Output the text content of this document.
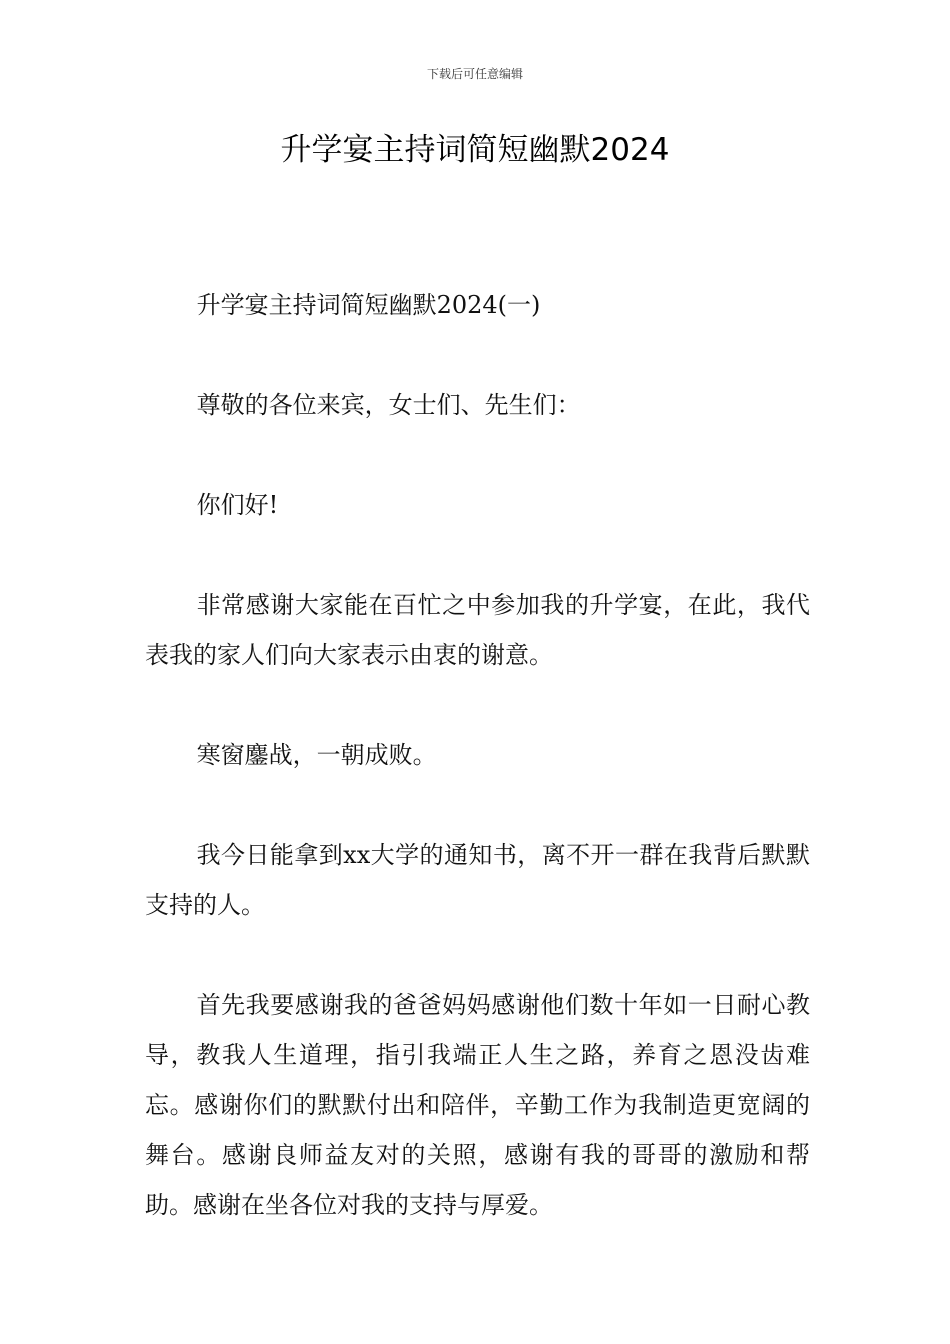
下载后可任意编辑
升学宴主持词简短幽默2024

升学宴主持词简短幽默2024(一)

尊敬的各位来宾，女士们、先生们：

你们好!

非常感谢大家能在百忙之中参加我的升学宴，在此，我代表我的家人们向大家表示由衷的谢意。

寒窗鏖战，一朝成败。

我今日能拿到xx大学的通知书，离不开一群在我背后默默支持的人。

首先我要感谢我的爸爸妈妈感谢他们数十年如一日耐心教导，教我人生道理，指引我端正人生之路，养育之恩没齿难忘。感谢你们的默默付出和陪伴，辛勤工作为我制造更宽阔的舞台。感谢良师益友对的关照，感谢有我的哥哥的激励和帮助。感谢在坐各位对我的支持与厚爱。
